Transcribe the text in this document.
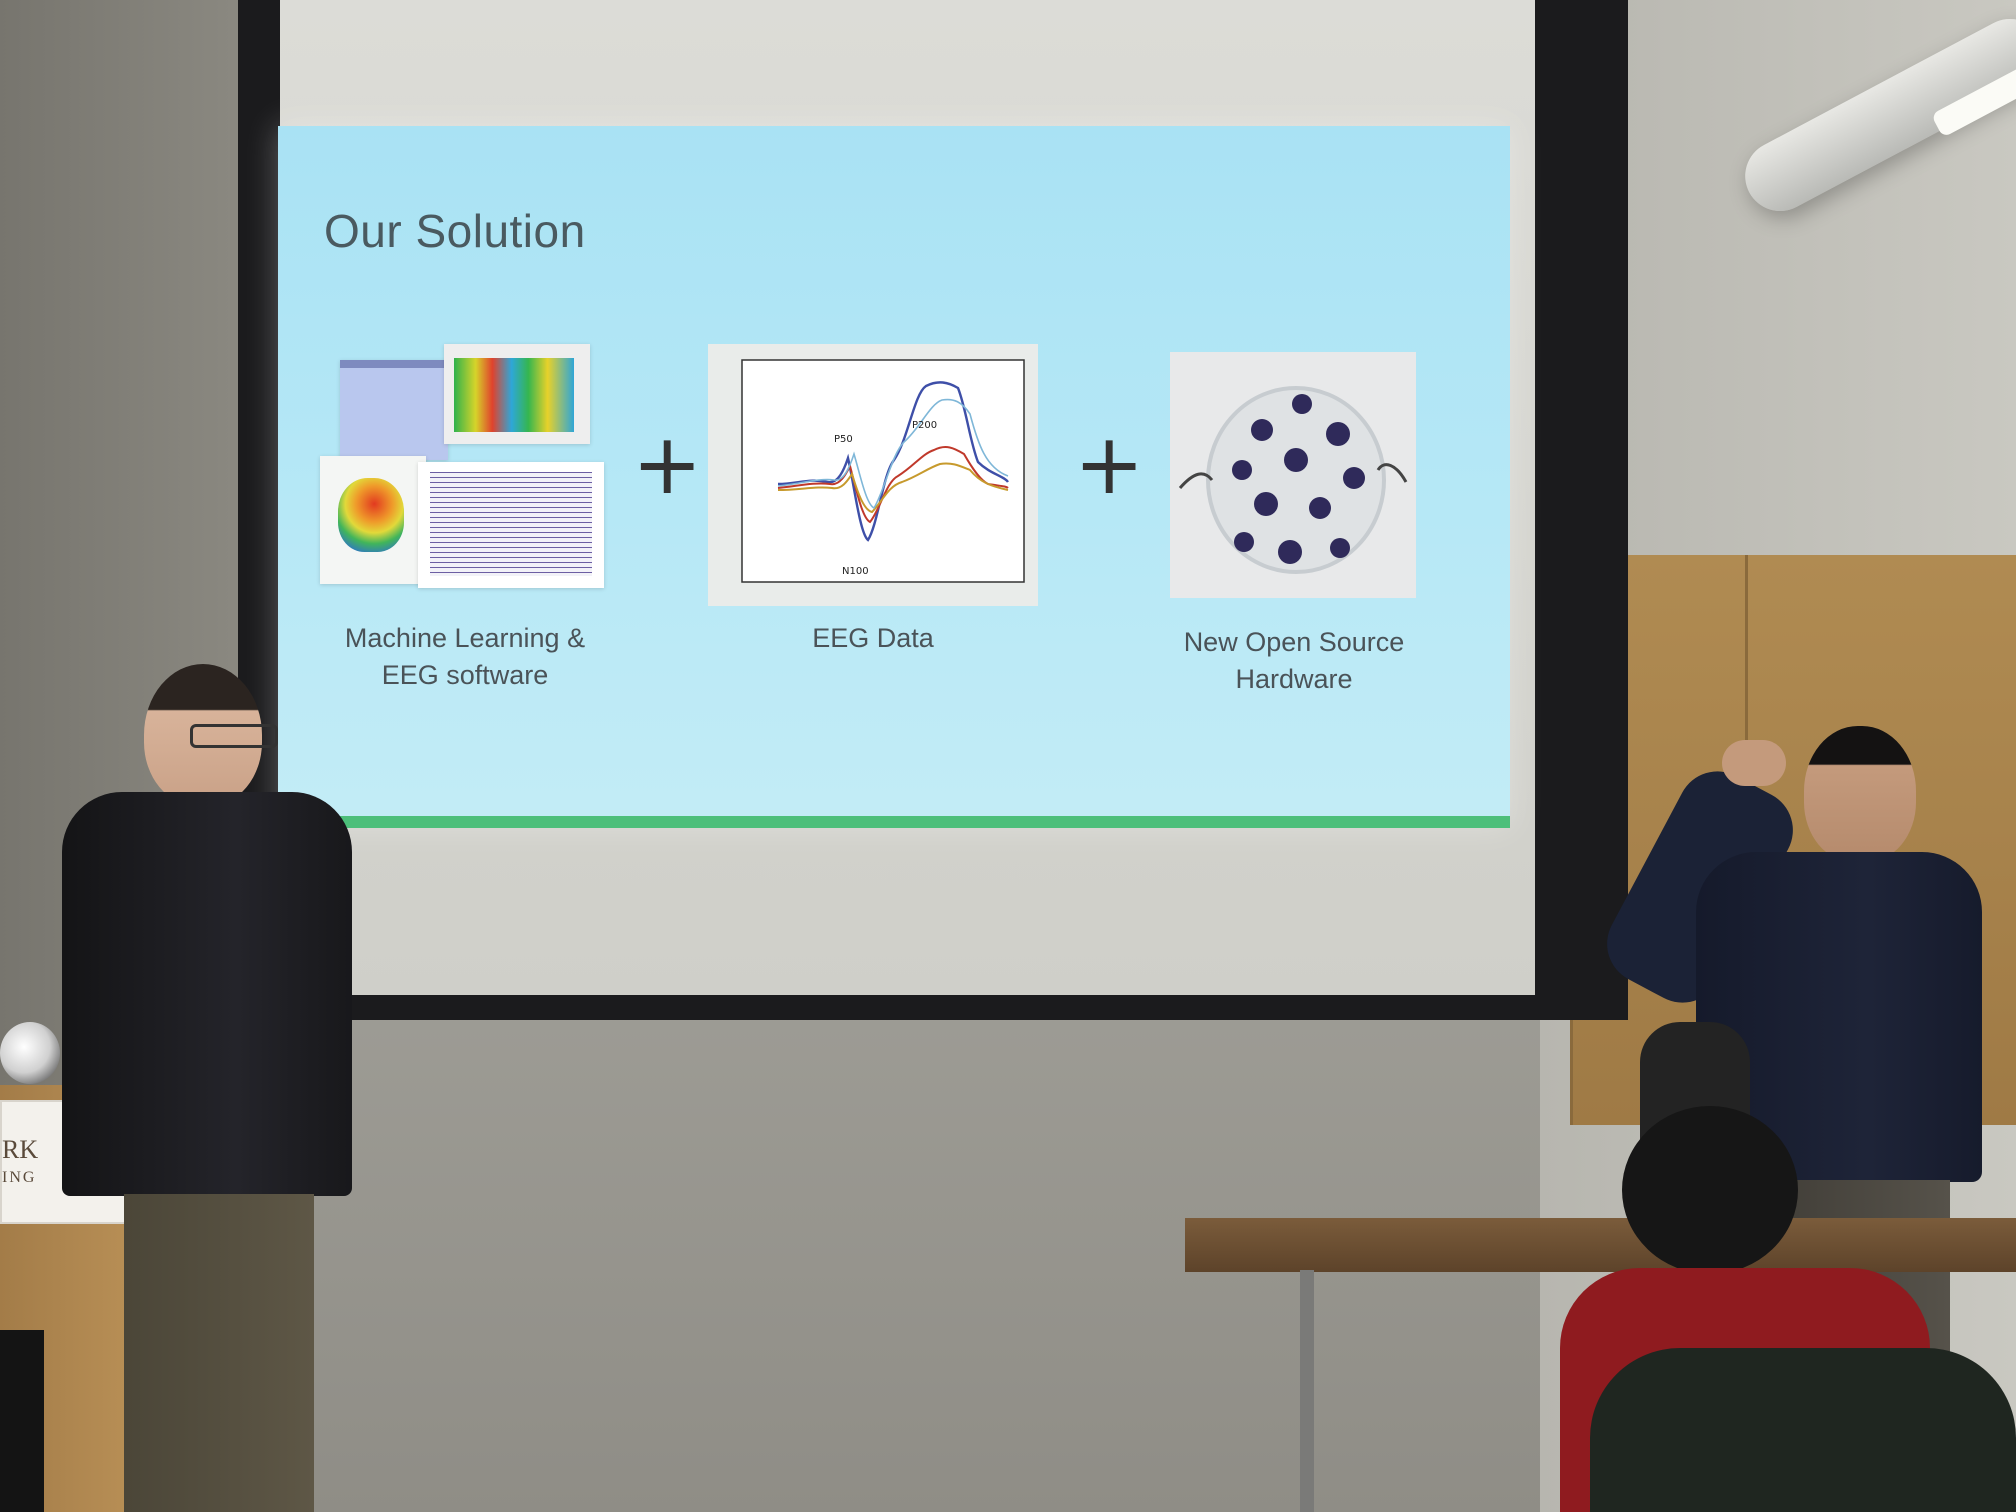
Our Solution
+	P50
P200
N100
+
Machine Learning & EEG software
EEG Data	New Open Source Hardware
RK
ING
